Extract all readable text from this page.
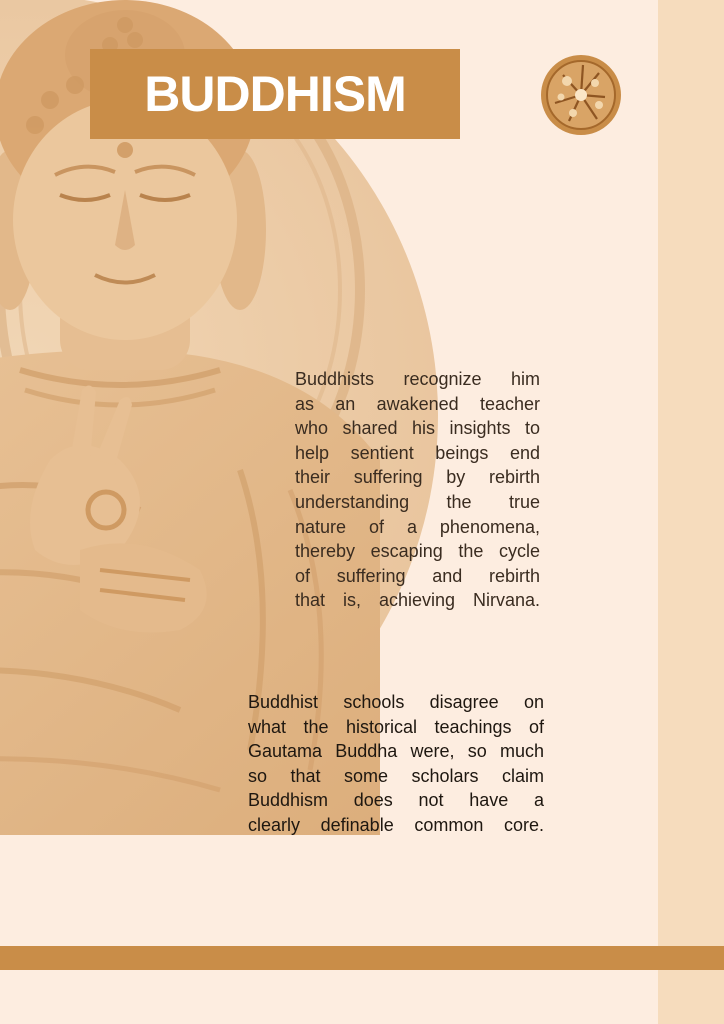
BUDDHISM

Buddhists recognize him
as an awakened teacher
who shared his insights to
help sentient beings end
their suffering by rebirth
understanding the true
nature of a phenomena,
thereby escaping the cycle
of suffering and rebirth
that is, achieving Nirvana.

Buddhist schools disagree on
what the historical teachings of
Gautama Buddha were, so much
so that some scholars claim
Buddhism does not have a
clearly definable common core.
